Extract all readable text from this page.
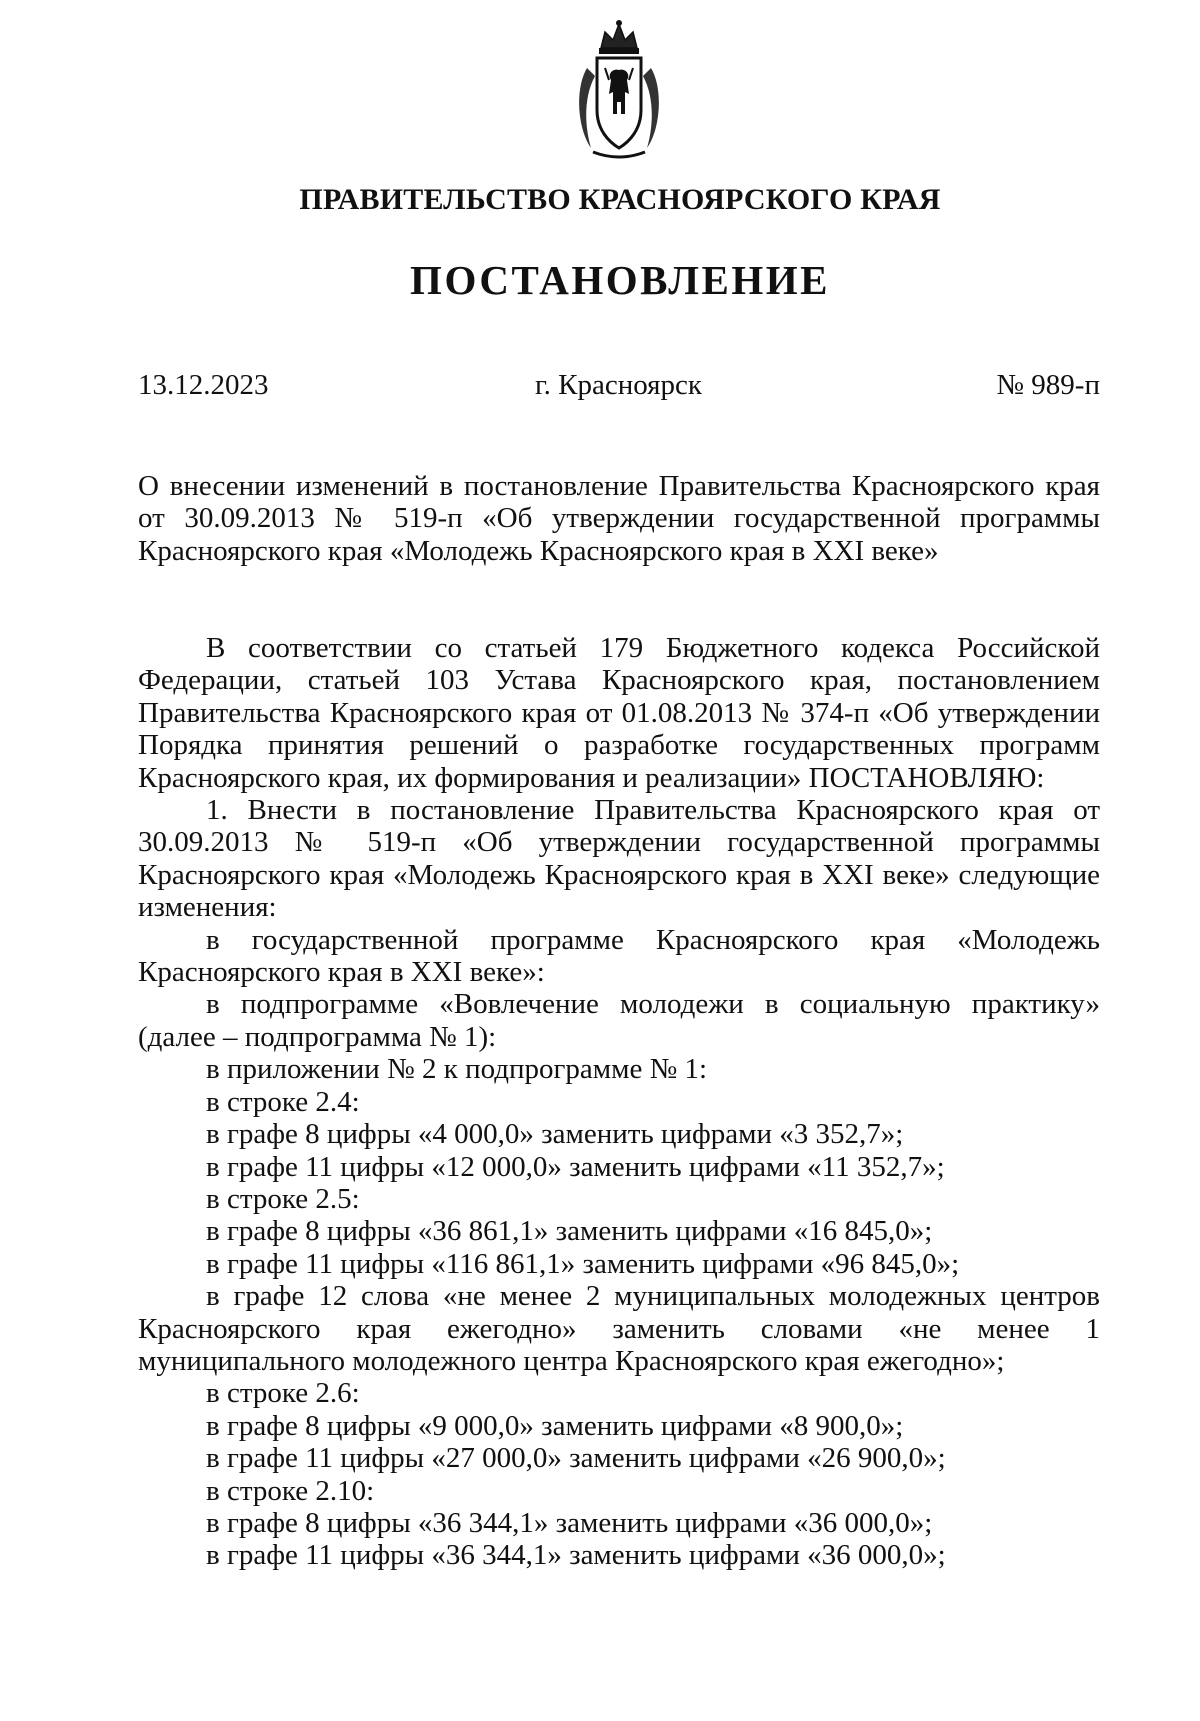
ПРАВИТЕЛЬСТВО КРАСНОЯРСКОГО КРАЯ
ПОСТАНОВЛЕНИЕ
13.12.2023	г. Красноярск	№ 989-п
О внесении изменений в постановление Правительства Красноярского края от 30.09.2013 № 519-п «Об утверждении государственной программы Красноярского края «Молодежь Красноярского края в XXI веке»

В соответствии со статьей 179 Бюджетного кодекса Российской Федерации, статьей 103 Устава Красноярского края, постановлением Правительства Красноярского края от 01.08.2013 № 374-п «Об утверждении Порядка принятия решений о разработке государственных программ Красноярского края, их формирования и реализации» ПОСТАНОВЛЯЮ:

1. Внести в постановление Правительства Красноярского края от 30.09.2013 № 519-п «Об утверждении государственной программы Красноярского края «Молодежь Красноярского края в XXI веке» следующие изменения:

в государственной программе Красноярского края «Молодежь Красноярского края в XXI веке»:

в подпрограмме «Вовлечение молодежи в социальную практику» (далее – подпрограмма № 1):

в приложении № 2 к подпрограмме № 1:

в строке 2.4:

в графе 8 цифры «4 000,0» заменить цифрами «3 352,7»;

в графе 11 цифры «12 000,0» заменить цифрами «11 352,7»;

в строке 2.5:

в графе 8 цифры «36 861,1» заменить цифрами «16 845,0»;

в графе 11 цифры «116 861,1» заменить цифрами «96 845,0»;

в графе 12 слова «не менее 2 муниципальных молодежных центров Красноярского края ежегодно» заменить словами «не менее 1 муниципального молодежного центра Красноярского края ежегодно»;

в строке 2.6:

в графе 8 цифры «9 000,0» заменить цифрами «8 900,0»;

в графе 11 цифры «27 000,0» заменить цифрами «26 900,0»;

в строке 2.10:

в графе 8 цифры «36 344,1» заменить цифрами «36 000,0»;

в графе 11 цифры «36 344,1» заменить цифрами «36 000,0»;
